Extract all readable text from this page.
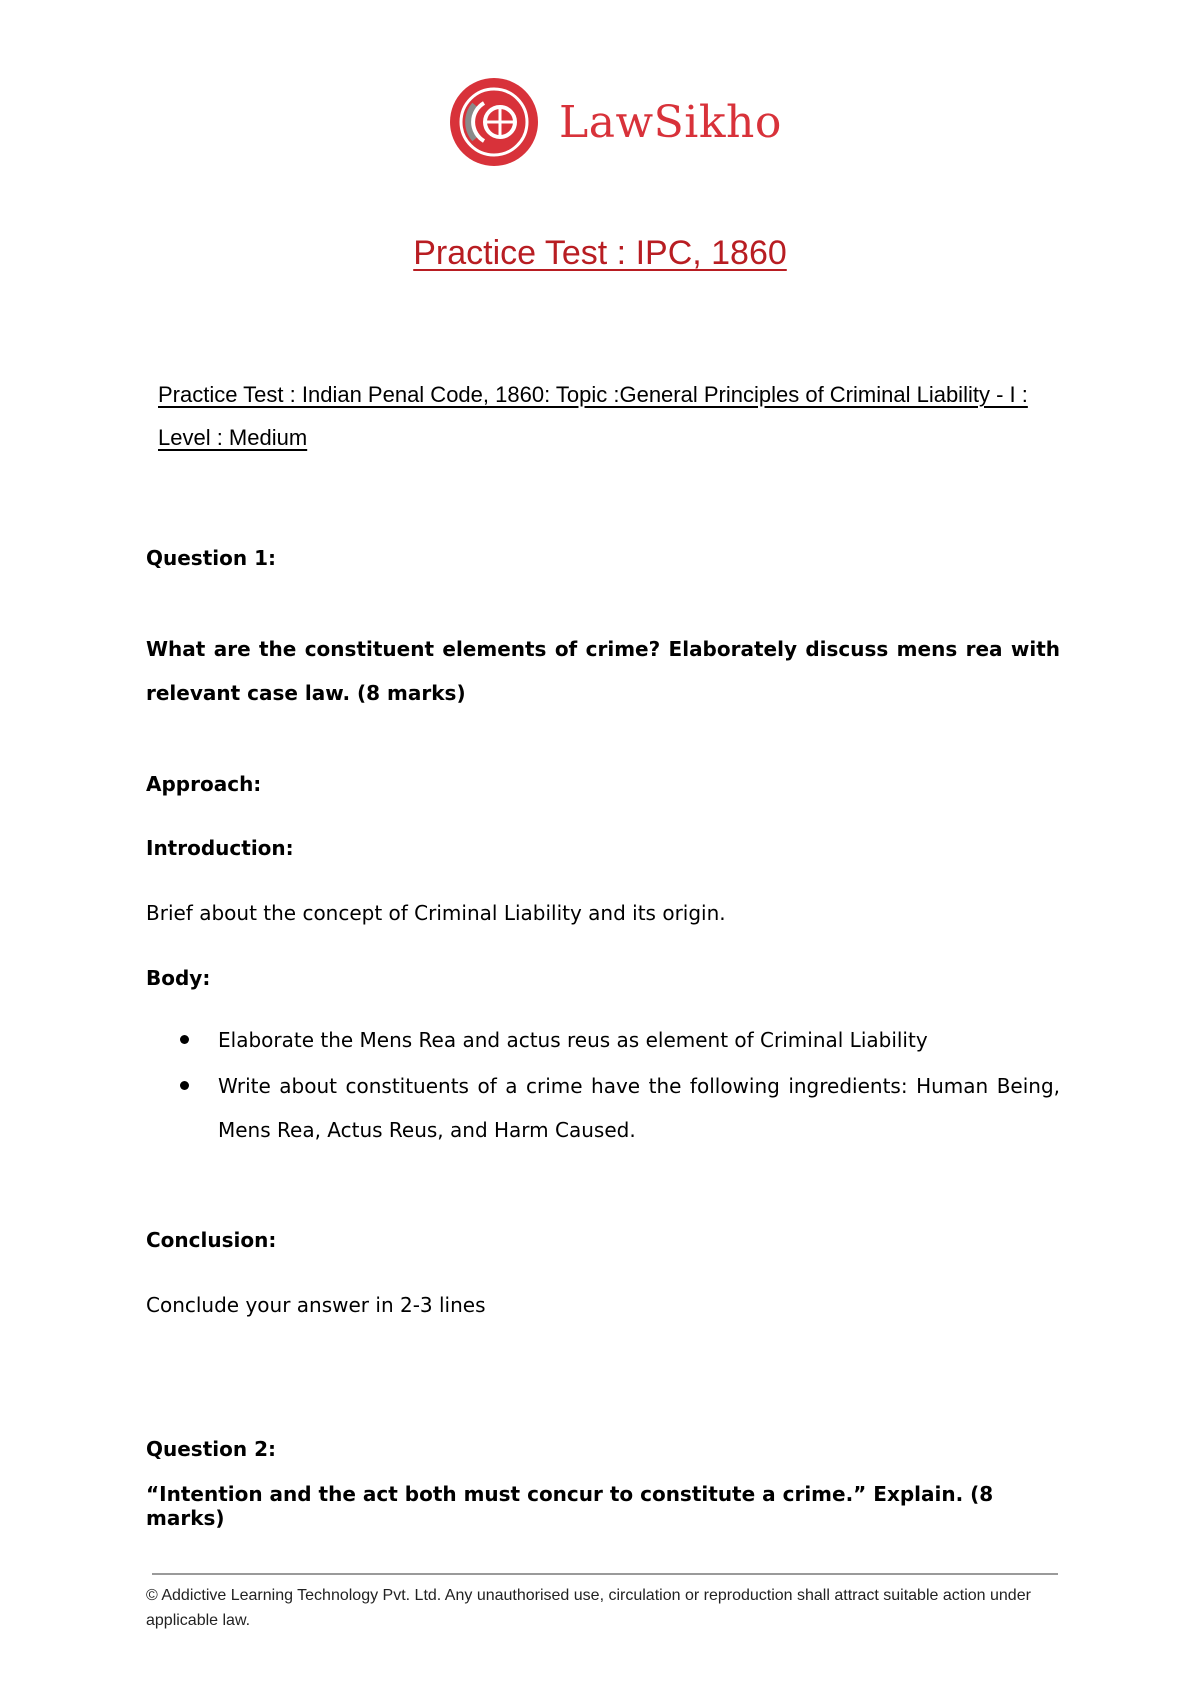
LawSikho
Practice Test : IPC, 1860

Practice Test : Indian Penal Code, 1860: Topic :General Principles of Criminal Liability - I : Level : Medium

Question 1:

What are the constituent elements of crime? Elaborately discuss mens rea with relevant case law. (8 marks)

Approach:

Introduction:

Brief about the concept of Criminal Liability and its origin.

Body:

Elaborate the Mens Rea and actus reus as element of Criminal Liability
Write about constituents of a crime have the following ingredients: Human Being, Mens Rea, Actus Reus, and Harm Caused.

Conclusion:

Conclude your answer in 2-3 lines

Question 2:

“Intention and the act both must concur to constitute a crime.” Explain. (8 marks)

© Addictive Learning Technology Pvt. Ltd. Any unauthorised use, circulation or reproduction shall attract suitable action under applicable law.
